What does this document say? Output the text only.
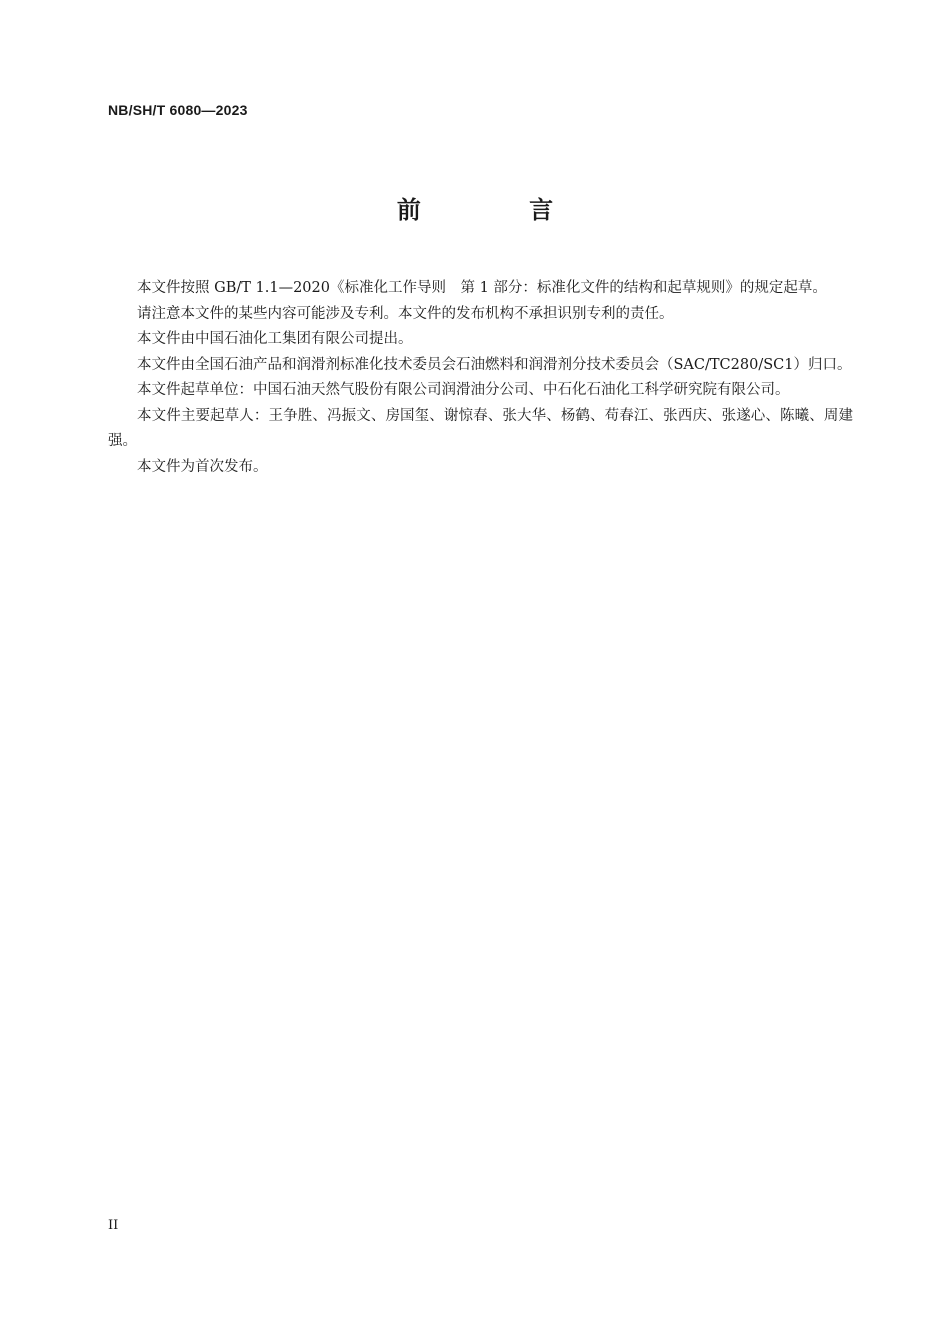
NB/SH/T 6080—2023
前 言

本文件按照 GB/T 1.1—2020《标准化工作导则　第 1 部分：标准化文件的结构和起草规则》的规定起草。

请注意本文件的某些内容可能涉及专利。本文件的发布机构不承担识别专利的责任。

本文件由中国石油化工集团有限公司提出。

本文件由全国石油产品和润滑剂标准化技术委员会石油燃料和润滑剂分技术委员会（SAC/TC280/SC1）归口。

本文件起草单位：中国石油天然气股份有限公司润滑油分公司、中石化石油化工科学研究院有限公司。

本文件主要起草人：王争胜、冯振文、房国玺、谢惊春、张大华、杨鹤、苟春江、张西庆、张遂心、陈曦、周建强。

本文件为首次发布。

II
